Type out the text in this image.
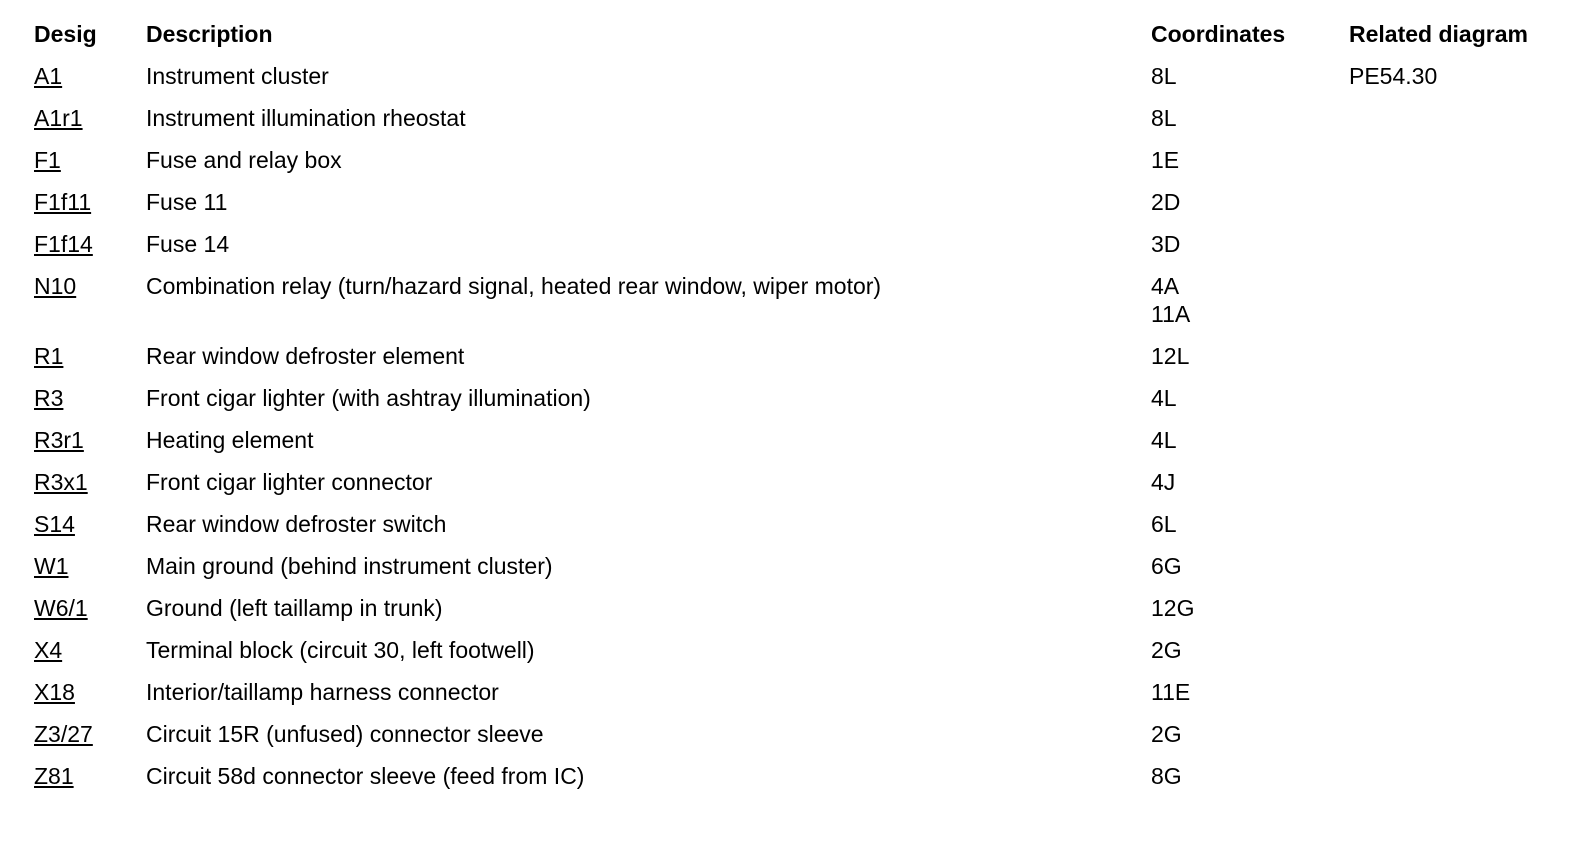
Desig	Description	Coordinates	Related diagram
A1	Instrument cluster	8L	PE54.30
A1r1	Instrument illumination rheostat	8L	

F1	Fuse and relay box	1E	

F1f11	Fuse 11	2D	

F1f14	Fuse 14	3D	

N10	Combination relay (turn/hazard signal, heated rear window, wiper motor)	4A
11A	

R1	Rear window defroster element	12L	

R3	Front cigar lighter (with ashtray illumination)	4L	

R3r1	Heating element	4L	

R3x1	Front cigar lighter connector	4J	

S14	Rear window defroster switch	6L	

W1	Main ground (behind instrument cluster)	6G	

W6/1	Ground (left taillamp in trunk)	12G	

X4	Terminal block (circuit 30, left footwell)	2G	

X18	Interior/taillamp harness connector	11E	

Z3/27	Circuit 15R (unfused) connector sleeve	2G	

Z81	Circuit 58d connector sleeve (feed from IC)	8G	
